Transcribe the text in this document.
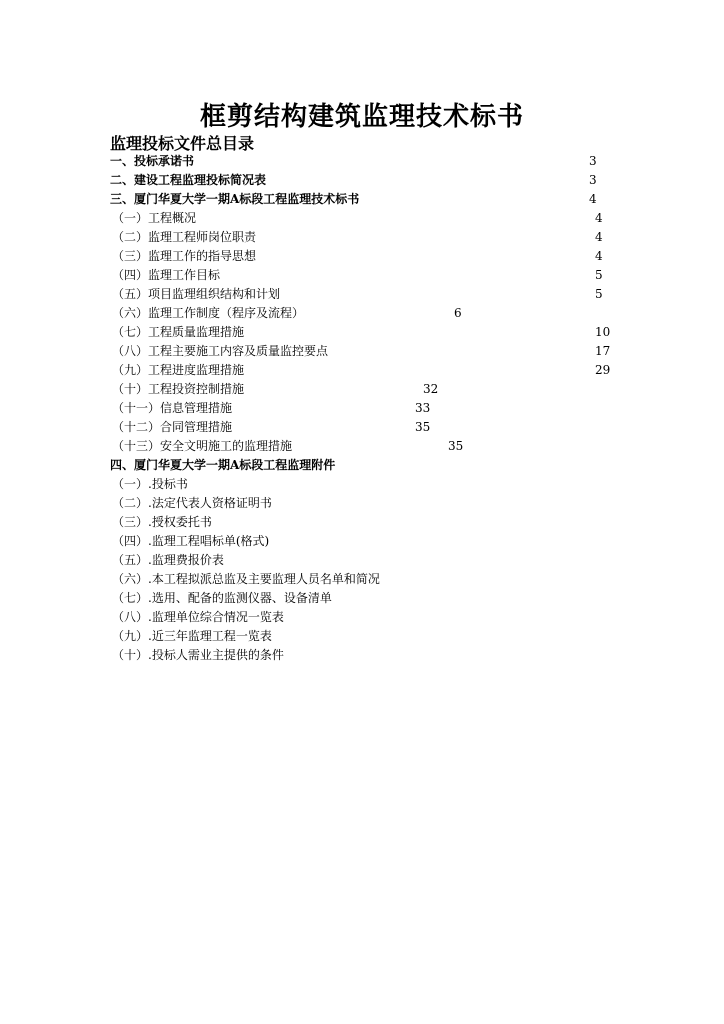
框剪结构建筑监理技术标书
监理投标文件总目录
一、投标承诺书	3
二、建设工程监理投标简况表	3
三、厦门华夏大学一期A标段工程监理技术标书	4
（一）工程概况	4
（二）监理工程师岗位职责	4
（三）监理工作的指导思想	4
（四）监理工作目标	5
（五）项目监理组织结构和计划	5
（六）监理工作制度（程序及流程）	6
（七）工程质量监理措施	10
（八）工程主要施工内容及质量监控要点	17
（九）工程进度监理措施	29
（十）工程投资控制措施	32
（十一）信息管理措施	33
（十二）合同管理措施	35
（十三）安全文明施工的监理措施	35
四、厦门华夏大学一期A标段工程监理附件
（一）.投标书
（二）.法定代表人资格证明书
（三）.授权委托书
（四）.监理工程唱标单(格式)
（五）.监理费报价表
（六）.本工程拟派总监及主要监理人员名单和简况
（七）.选用、配备的监测仪器、设备清单
（八）.监理单位综合情况一览表
（九）.近三年监理工程一览表
（十）.投标人需业主提供的条件
